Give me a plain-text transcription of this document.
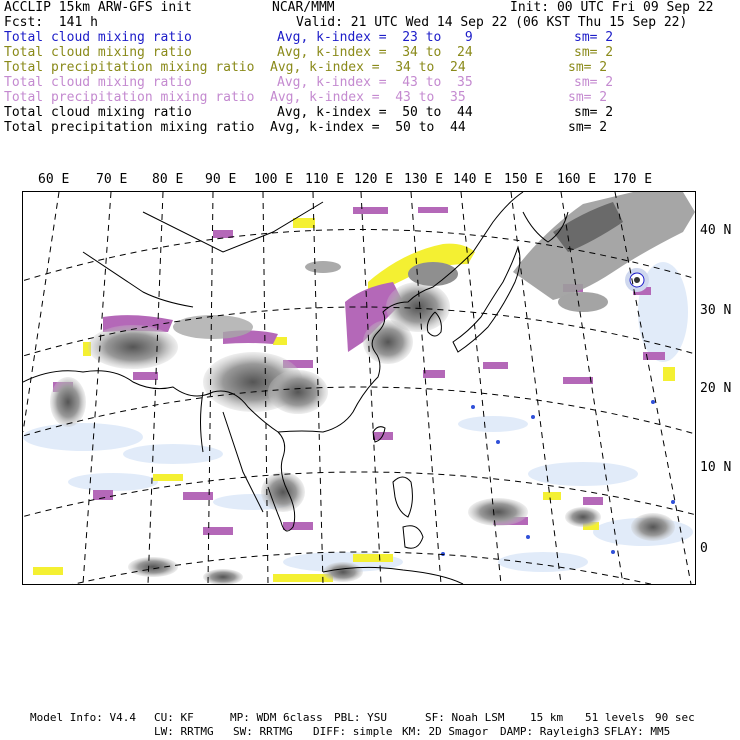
ACCLIP 15km ARW-GFS init	NCAR/MMM	Init: 00 UTC Fri 09 Sep 22
Fcst:  141 h	Valid: 21 UTC Wed 14 Sep 22 (06 KST Thu 15 Sep 22)
Total cloud mixing ratio	Avg, k-index =  23 to   9	sm= 2
Total cloud mixing ratio	Avg, k-index =  34 to  24	sm= 2
Total precipitation mixing ratio Avg, k-index =  34 to  24	sm= 2
Total cloud mixing ratio	Avg, k-index =  43 to  35	sm= 2
Total precipitation mixing ratio Avg, k-index =  43 to  35	sm= 2
Total cloud mixing ratio	Avg, k-index =  50 to  44	sm= 2
Total precipitation mixing ratio Avg, k-index =  50 to  44	sm= 2
60 E 70 E 80 E 90 E 100 E 110 E 120 E 130 E 140 E 150 E 160 E 170 E
40 N
30 N
20 N
10 N
0
Model Info: V4.4 CU: KF	MP: WDM 6class PBL: YSU	SF: Noah LSM 15 km 51 levels 90 sec
LW: RRTMG SW: RRTMG DIFF: simple KM: 2D Smagor DAMP: Rayleigh3 SFLAY: MM5
